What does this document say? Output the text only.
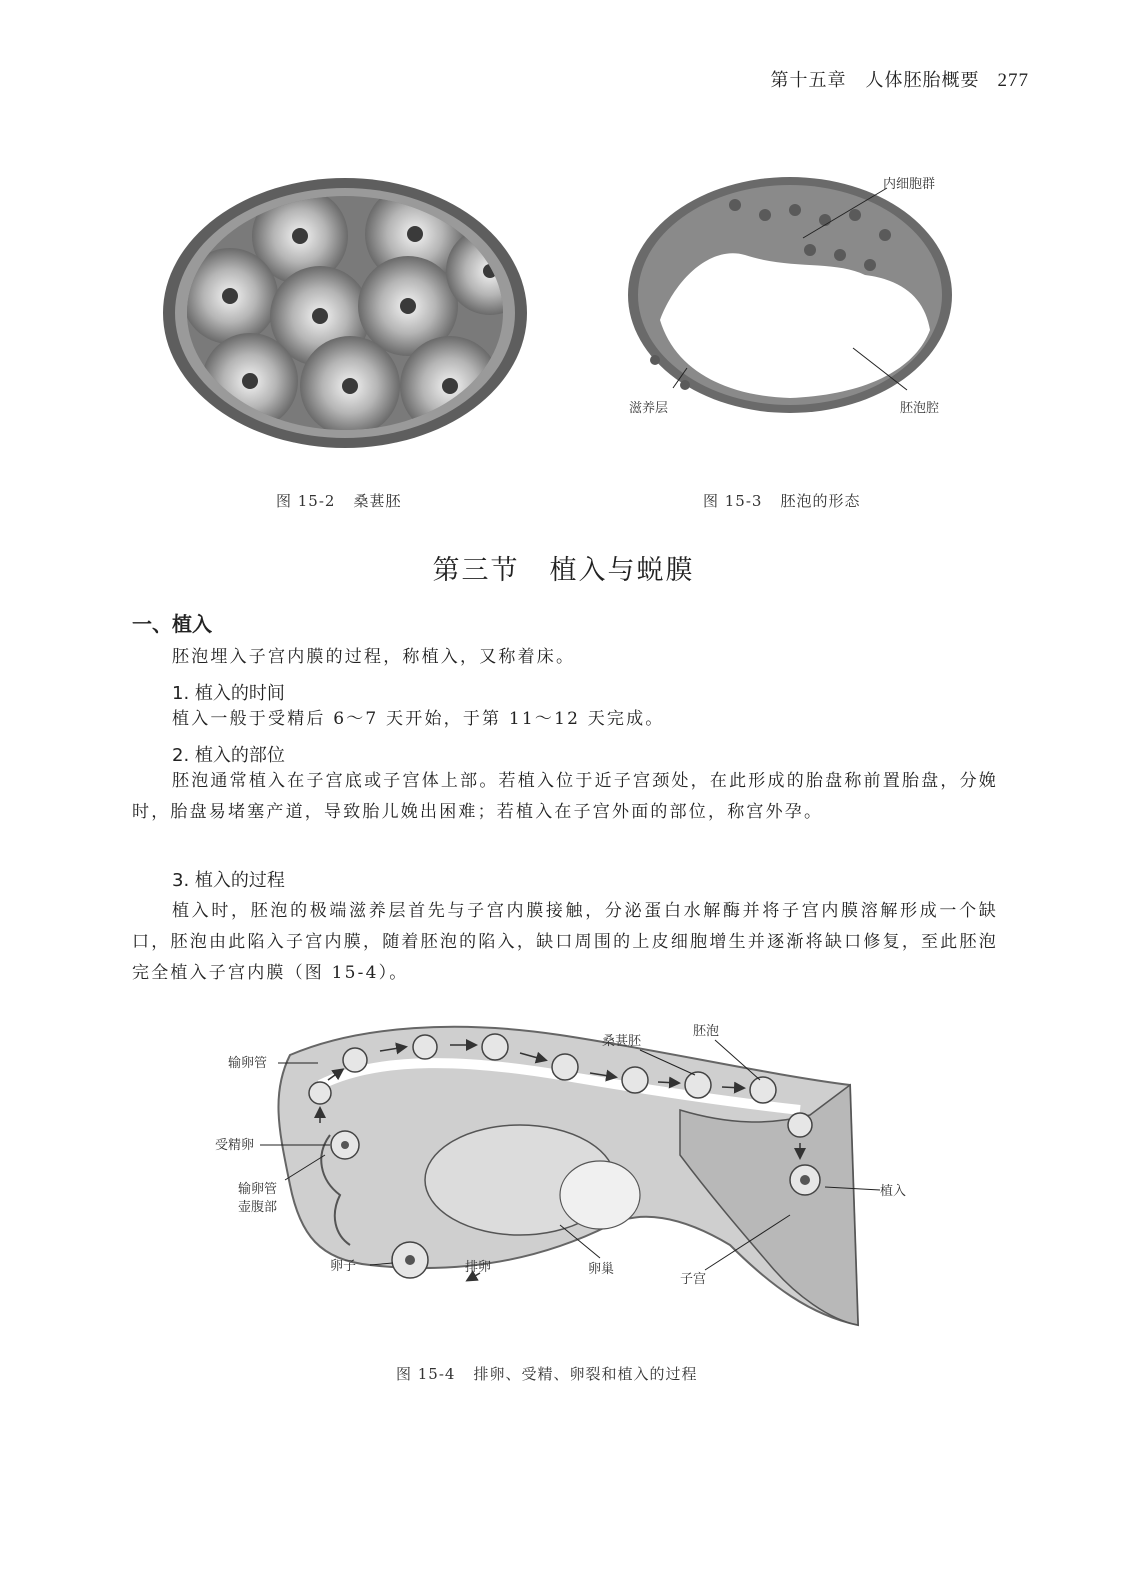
第十五章　人体胚胎概要 277
内细胞群
滋养层	胚泡腔
图 15-2 桑葚胚	图 15-3 胚泡的形态
第三节 植入与蜕膜
一、植入
胚泡埋入子宫内膜的过程，称植入，又称着床。
1. 植入的时间
植入一般于受精后 6～7 天开始，于第 11～12 天完成。
2. 植入的部位
胚泡通常植入在子宫底或子宫体上部。若植入位于近子宫颈处，在此形成的胎盘称前置胎盘，分娩时，胎盘易堵塞产道，导致胎儿娩出困难；若植入在子宫外面的部位，称宫外孕。
3. 植入的过程
植入时，胚泡的极端滋养层首先与子宫内膜接触，分泌蛋白水解酶并将子宫内膜溶解形成一个缺口，胚泡由此陷入子宫内膜，随着胚泡的陷入，缺口周围的上皮细胞增生并逐渐将缺口修复，至此胚泡完全植入子宫内膜（图 15-4）。
输卵管
受精卵
输卵管
壶腹部
卵子	排卵	卵巢
子宫
桑葚胚
胚泡
植入
图 15-4 排卵、受精、卵裂和植入的过程
